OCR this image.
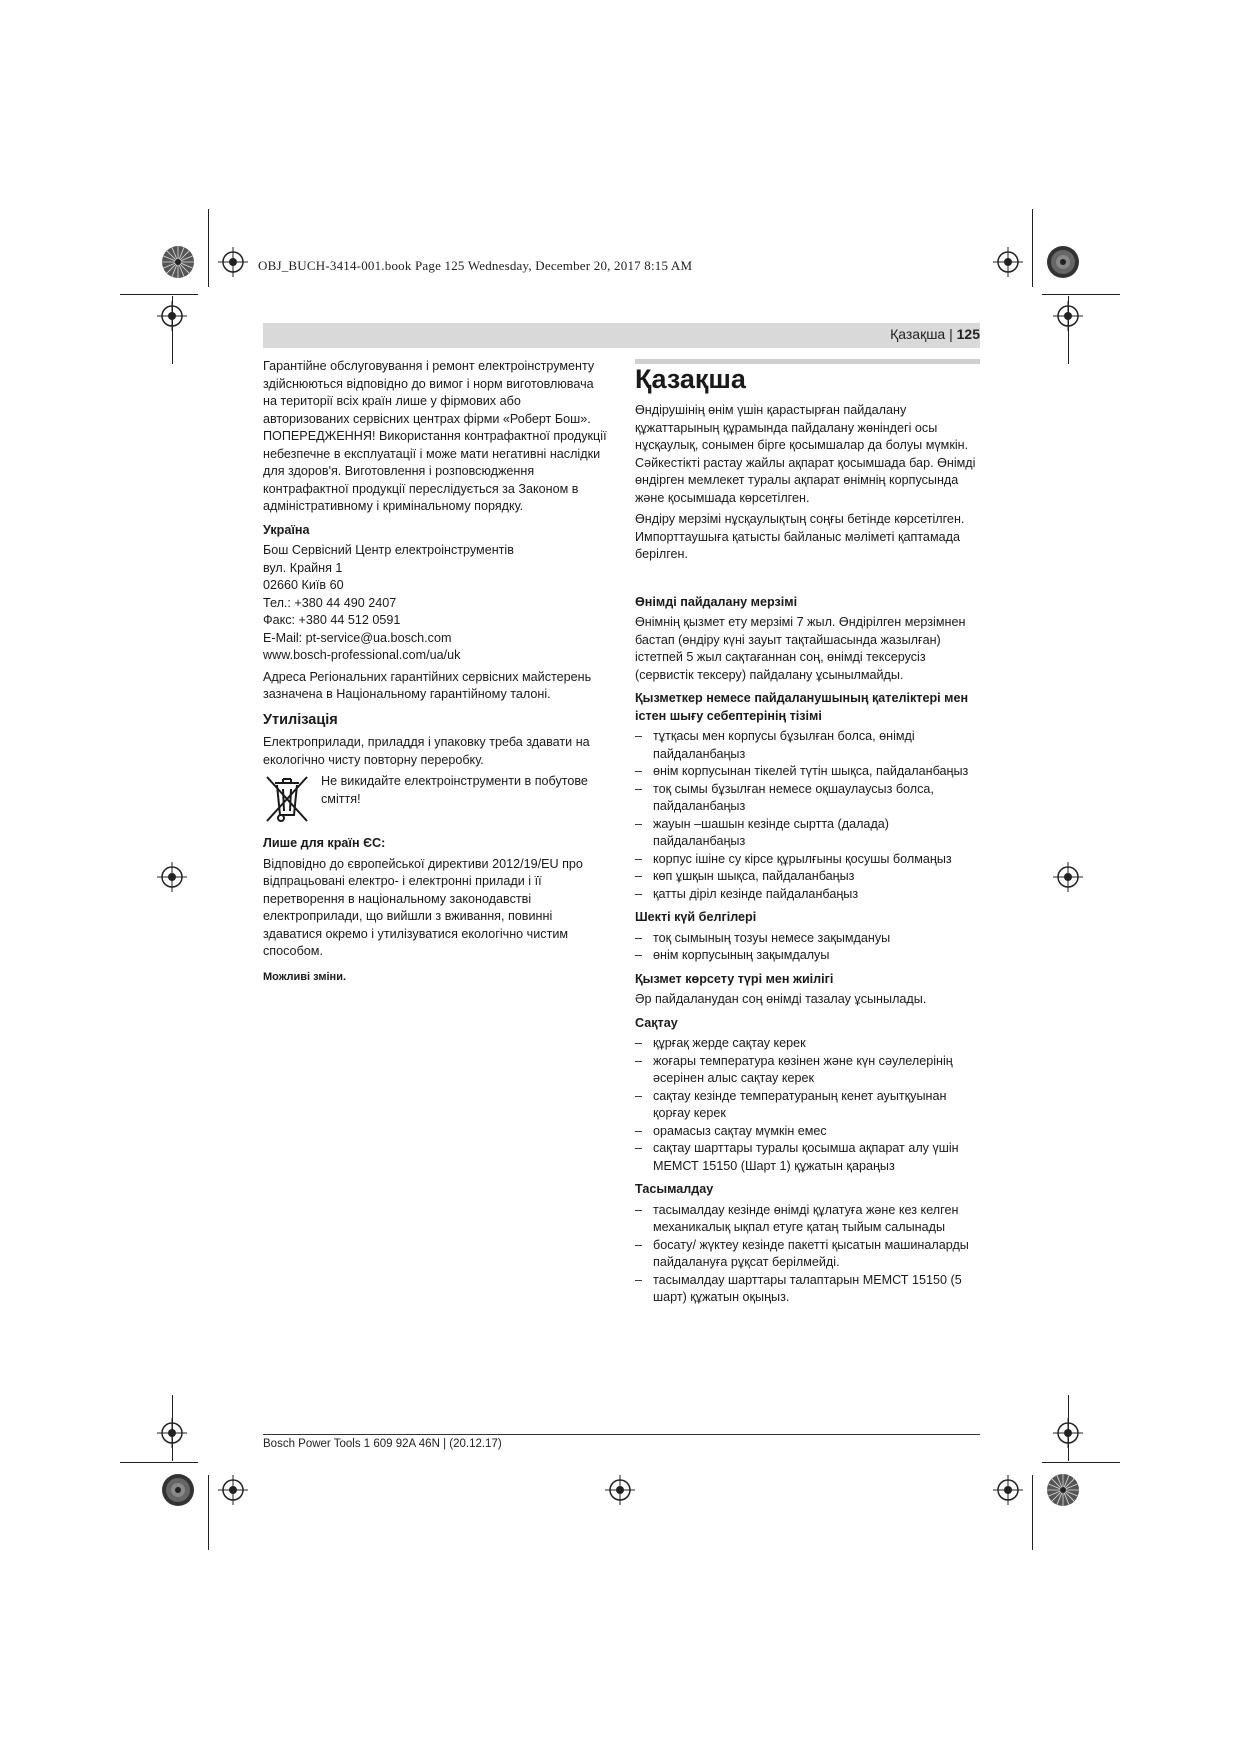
OBJ_BUCH-3414-001.book Page 125 Wednesday, December 20, 2017 8:15 AM
Қазақша | 125

Гарантійне обслуговування і ремонт електроінструменту здійснюються відповідно до вимог і норм виготовлювача на території всіх країн лише у фірмових або авторизованих сервісних центрах фірми «Роберт Бош». ПОПЕРЕДЖЕННЯ! Використання контрафактної продукції небезпечне в експлуатації і може мати негативні наслідки для здоров'я. Виготовлення і розповсюдження контрафактної продукції переслідується за Законом в адміністративному і кримінальному порядку.

Україна
Бош Сервісний Центр електроінструментів
вул. Крайня 1
02660 Київ 60
Тел.: +380 44 490 2407
Факс: +380 44 512 0591
E-Mail: pt-service@ua.bosch.com
www.bosch-professional.com/ua/uk

Адреса Регіональних гарантійних сервісних майстерень зазначена в Національному гарантійному талоні.

Утилізація

Електроприлади, приладдя і упаковку треба здавати на екологічно чисту повторну переробку.

Не викидайте електроінструменти в побутове сміття!
Лише для країн ЄС:

Відповідно до європейської директиви 2012/19/EU про відпрацьовані електро- і електронні прилади і її перетворення в національному законодавстві електроприлади, що вийшли з вживання, повинні здаватися окремо і утилізуватися екологічно чистим способом.

Можливі зміни.
Қазақша

Өндірушінің өнім үшін қарастырған пайдалану құжаттарының құрамында пайдалану жөніндегі осы нұсқаулық, сонымен бірге қосымшалар да болуы мүмкін. Сәйкестікті растау жайлы ақпарат қосымшада бар. Өнімді өндірген мемлекет туралы ақпарат өнімнің корпусында және қосымшада көрсетілген.

Өндіру мерзімі нұсқаулықтың соңғы бетінде көрсетілген. Импорттаушыға қатысты байланыс мәліметі қаптамада берілген.

Өнімді пайдалану мерзімі

Өнімнің қызмет ету мерзімі 7 жыл. Өндірілген мерзімнен бастап (өндіру күні зауыт тақтайшасында жазылған) істетпей 5 жыл сақтағаннан соң, өнімді тексерусіз (сервистік тексеру) пайдалану ұсынылмайды.

Қызметкер немесе пайдаланушының қателіктері мен істен шығу себептерінің тізімі
– тұтқасы мен корпусы бұзылған болса, өнімді пайдаланбаңыз
– өнім корпусынан тікелей түтін шықса, пайдаланбаңыз
– тоқ сымы бұзылған немесе оқшаулаусыз болса, пайдаланбаңыз
– жауын –шашын кезінде сыртта (далада) пайдаланбаңыз
– корпус ішіне су кірсе құрылғыны қосушы болмаңыз
– көп ұшқын шықса, пайдаланбаңыз
– қатты діріл кезінде пайдаланбаңыз
Шекті күй белгілері
– тоқ сымының тозуы немесе зақымдануы
– өнім корпусының зақымдалуы
Қызмет көрсету түрі мен жиілігі

Әр пайдаланудан соң өнімді тазалау ұсынылады.

Сақтау
– құрғақ жерде сақтау керек
– жоғары температура көзінен және күн сәулелерінің әсерінен алыс сақтау керек
– сақтау кезінде температураның кенет ауытқуынан қорғау керек
– орамасыз сақтау мүмкін емес
– сақтау шарттары туралы қосымша ақпарат алу үшін МЕМСТ 15150 (Шарт 1) құжатын қараңыз
Тасымалдау
– тасымалдау кезінде өнімді құлатуға және кез келген механикалық ықпал етуге қатаң тыйым салынады
– босату/ жүктеу кезінде пакетті қысатын машиналарды пайдалануға рұқсат берілмейді.
– тасымалдау шарттары талаптарын МЕМСТ 15150 (5 шарт) құжатын оқыңыз.
Bosch Power Tools 1 609 92A 46N | (20.12.17)
